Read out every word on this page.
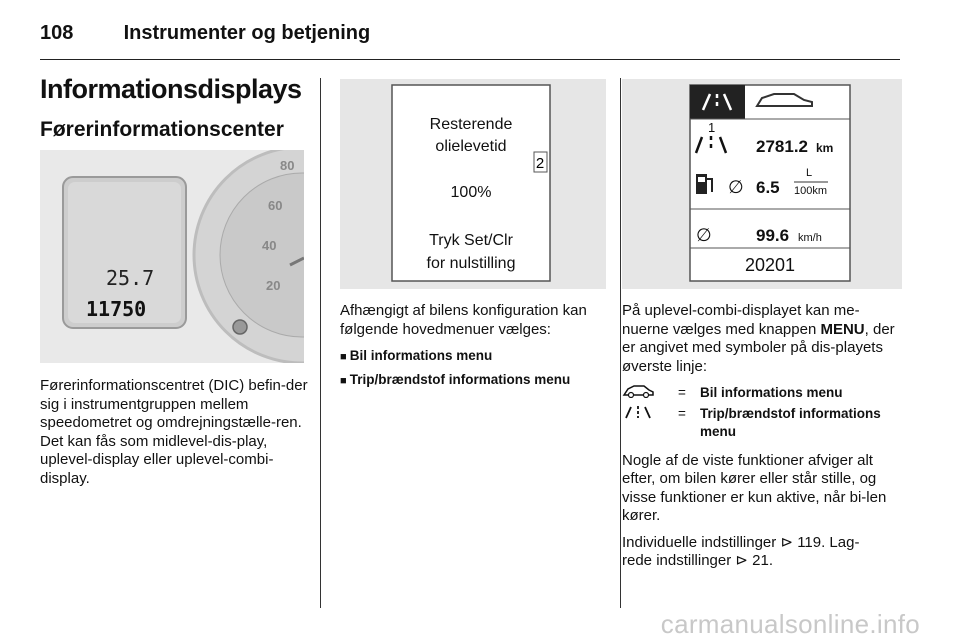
108	Instrumenter og betjening
Informationsdisplays
Førerinformationscenter
80
60
40
20
25.7
11750
Førerinformationscentret (DIC) befin-der sig i instrumentgruppen mellem speedometret og omdrejningstælle-ren. Det kan fås som midlevel-dis-play, uplevel-display eller uplevel-combi-display.
Resterende
olielevetid
100%
Tryk Set/Clr
for nulstilling
2
Afhængigt af bilens konfiguration kan følgende hovedmenuer vælges:
■ Bil informations menu
■ Trip/brændstof informations menu
1
2781.2 km
∅ 6.5
L
100km
∅	99.6 km/h
20201

På uplevel-combi-displayet kan me-nuerne vælges med knappen MENU, der er angivet med symboler på dis-playets øverste linje:

=	Bil informations menu
=	Trip/brændstof informations menu

Nogle af de viste funktioner afviger alt efter, om bilen kører eller står stille, og visse funktioner er kun aktive, når bi-len kører.

Individuelle indstillinger ⊳ 119. Lag-
rede indstillinger ⊳ 21.

carmanualsonline.info
